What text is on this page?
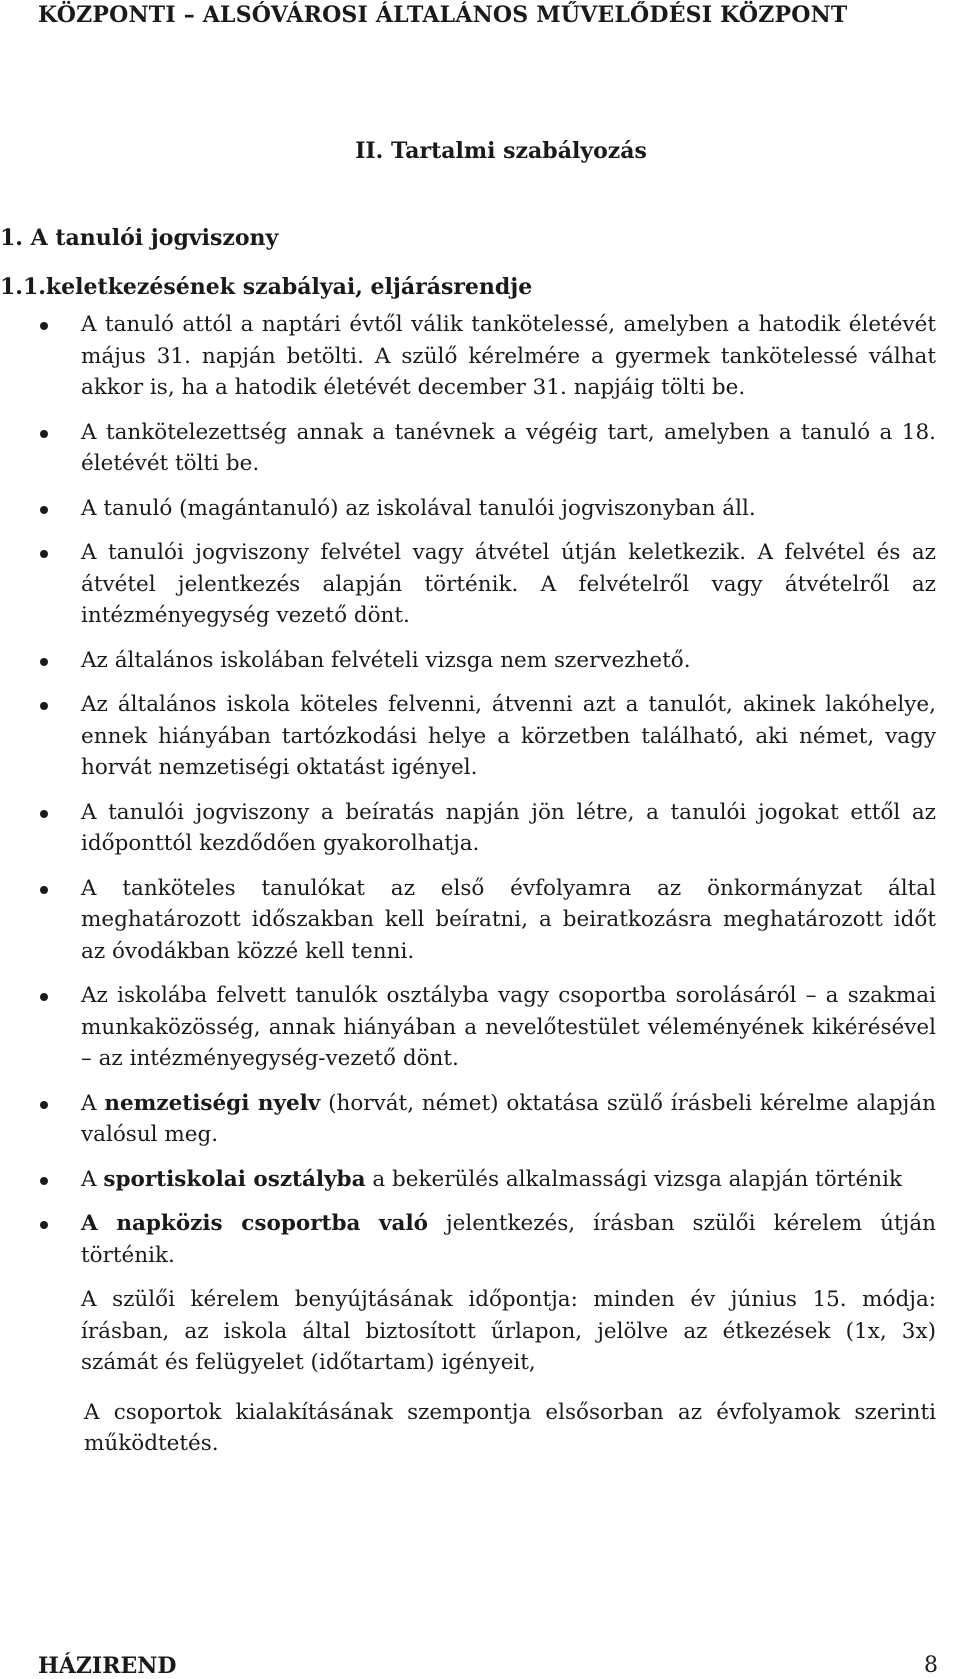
KÖZPONTI – ALSÓVÁROSI ÁLTALÁNOS MŰVELŐDÉSI KÖZPONT
II. Tartalmi szabályozás
1. A tanulói jogviszony
1.1.keletkezésének szabályai, eljárásrendje
A tanuló attól a naptári évtől válik tankötelessé, amelyben a hatodik életévét május 31. napján betölti. A szülő kérelmére a gyermek tankötelessé válhat akkor is, ha a hatodik életévét december 31. napjáig tölti be.
A tankötelezettség annak a tanévnek a végéig tart, amelyben a tanuló a 18. életévét tölti be.
A tanuló (magántanuló) az iskolával tanulói jogviszonyban áll.
A tanulói jogviszony felvétel vagy átvétel útján keletkezik. A felvétel és az átvétel jelentkezés alapján történik. A felvételről vagy átvételről az intézményegység vezető dönt.
Az általános iskolában felvételi vizsga nem szervezhető.
Az általános iskola köteles felvenni, átvenni azt a tanulót, akinek lakóhelye, ennek hiányában tartózkodási helye a körzetben található, aki német, vagy horvát nemzetiségi oktatást igényel.
A tanulói jogviszony a beíratás napján jön létre, a tanulói jogokat ettől az időponttól kezdődően gyakorolhatja.
A tanköteles tanulókat az első évfolyamra az önkormányzat által meghatározott időszakban kell beíratni, a beiratkozásra meghatározott időt az óvodákban közzé kell tenni.
Az iskolába felvett tanulók osztályba vagy csoportba sorolásáról – a szakmai munkaközösség, annak hiányában a nevelőtestület véleményének kikérésével – az intézményegység-vezető dönt.
A nemzetiségi nyelv (horvát, német) oktatása szülő írásbeli kérelme alapján valósul meg.
A sportiskolai osztályba a bekerülés alkalmassági vizsga alapján történik
A napközis csoportba való jelentkezés, írásban szülői kérelem útján történik.

A szülői kérelem benyújtásának időpontja: minden év június 15. módja: írásban, az iskola által biztosított űrlapon, jelölve az étkezések (1x, 3x) számát és felügyelet (időtartam) igényeit,

A csoportok kialakításának szempontja elsősorban az évfolyamok szerinti működtetés.

HÁZIREND	8
